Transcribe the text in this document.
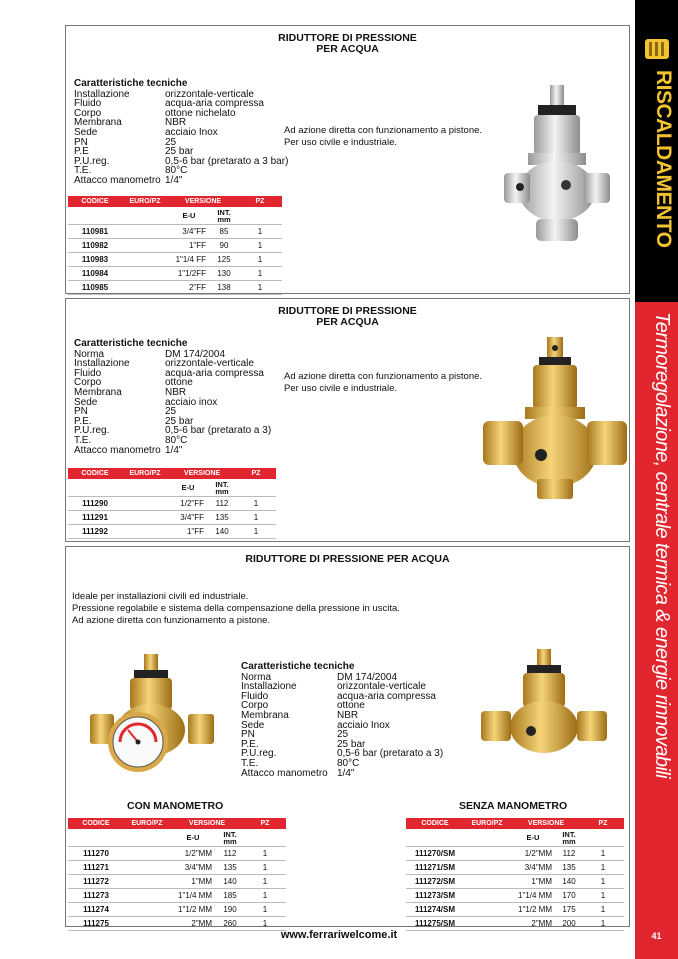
RISCALDAMENTO
Termoregolazione, centrale termica & energie rinnovabili
RIDUTTORE DI PRESSIONE
PER ACQUA
Caratteristiche tecniche
Installazione	orizzontale-verticale
Fluido	acqua-aria compressa
Corpo	ottone nichelato
Membrana	NBR
Sede	acciaio Inox
PN	25
P.E	25 bar
P.U.reg.	0,5-6 bar (pretarato a 3 bar)
T.E.	80°C
Attacco manometro 1/4"
Ad azione diretta con funzionamento a pistone.
Per uso civile e industriale.
CODICE	EURO/PZ	VERSIONE		PZ
		E-U	INT.
mm	

110981		3/4"FF	85	1
110982		1"FF	90	1
110983		1"1/4 FF	125	1
110984		1"1/2FF	130	1
110985		2"FF	138	1
RIDUTTORE DI PRESSIONE
PER ACQUA
Caratteristiche tecniche
Norma	DM 174/2004
Installazione	orizzontale-verticale
Fluido	acqua-aria compressa
Corpo	ottone
Membrana	NBR
Sede	acciaio inox
PN	25
P.E.	25 bar
P.U.reg.	0,5-6 bar (pretarato a 3)
T.E.	80°C
Attacco manometro 1/4"
Ad azione diretta con funzionamento a pistone.
Per uso civile e industriale.
CODICE	EURO/PZ	VERSIONE		PZ
		E-U	INT.
mm	

111290		1/2"FF	112	1
111291		3/4"FF	135	1
111292		1"FF	140	1
RIDUTTORE DI PRESSIONE PER ACQUA
Ideale per installazioni civili ed industriale.
Pressione regolabile e sistema della compensazione della pressione in uscita.
Ad azione diretta con funzionamento a pistone.
Caratteristiche tecniche
Norma	DM 174/2004
Installazione	orizzontale-verticale
Fluido	acqua-aria compressa
Corpo	ottone
Membrana	NBR
Sede	acciaio Inox
PN	25
P.E.	25 bar
P.U.reg.	0,5-6 bar (pretarato a 3)
T.E.	80°C
Attacco manometro 1/4"
CON MANOMETRO	SENZA MANOMETRO
CODICE	EURO/PZ	VERSIONE		PZ
		E-U	INT.
mm	

111270		1/2"MM	112	1
111271		3/4"MM	135	1
111272		1"MM	140	1
111273		1"1/4 MM	185	1
111274		1"1/2 MM	190	1
111275		2"MM	260	1
CODICE	EURO/PZ	VERSIONE		PZ
		E-U	INT.
mm	

111270/SM		1/2"MM	112	1
111271/SM		3/4"MM	135	1
111272/SM		1"MM	140	1
111273/SM		1"1/4 MM	170	1
111274/SM		1"1/2 MM	175	1
111275/SM		2"MM	200	1
www.ferrariwelcome.it	41
